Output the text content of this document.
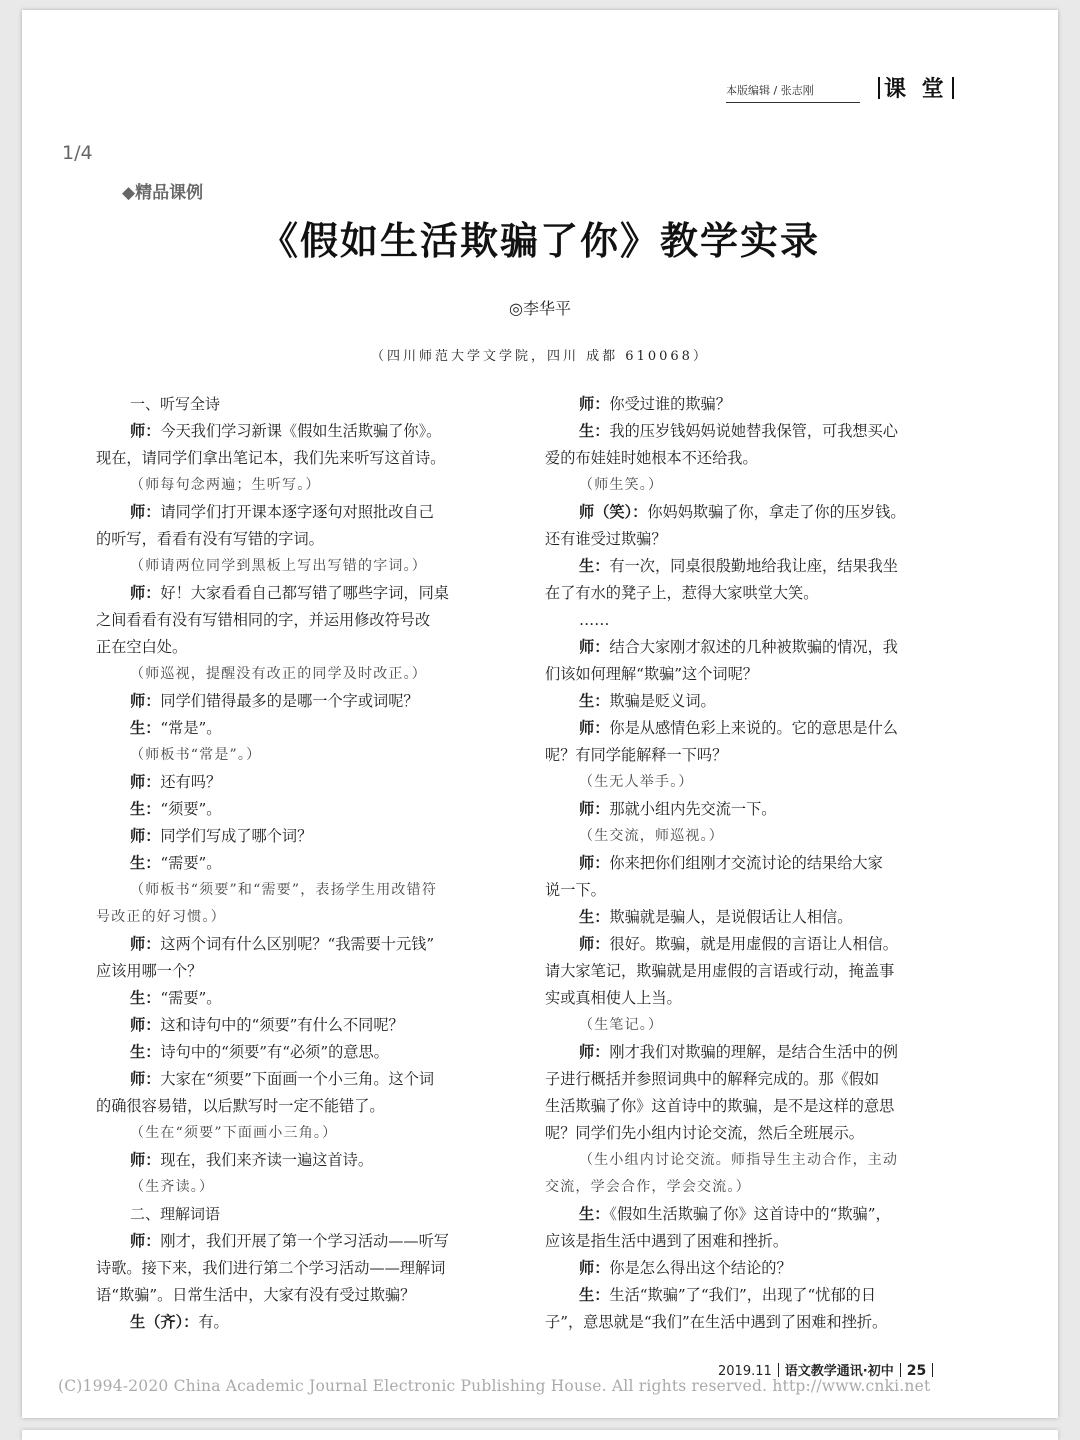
本版编辑 / 张志刚	课 堂
1/4
◆精品课例
《假如生活欺骗了你》教学实录
◎李华平
（四川师范大学文学院，四川 成都 610068）
一、听写全诗
师：今天我们学习新课《假如生活欺骗了你》。
现在，请同学们拿出笔记本，我们先来听写这首诗。
（师每句念两遍；生听写。）
师：请同学们打开课本逐字逐句对照批改自己
的听写，看看有没有写错的字词。
（师请两位同学到黑板上写出写错的字词。）
师：好！大家看看自己都写错了哪些字词，同桌
之间看看有没有写错相同的字，并运用修改符号改
正在空白处。
（师巡视，提醒没有改正的同学及时改正。）
师：同学们错得最多的是哪一个字或词呢？
生：“常是”。
（师板书“常是”。）
师：还有吗？
生：“须要”。
师：同学们写成了哪个词？
生：“需要”。
（师板书“须要”和“需要”，表扬学生用改错符
号改正的好习惯。）
师：这两个词有什么区别呢？“我需要十元钱”
应该用哪一个？
生：“需要”。
师：这和诗句中的“须要”有什么不同呢？
生：诗句中的“须要”有“必须”的意思。
师：大家在“须要”下面画一个小三角。这个词
的确很容易错，以后默写时一定不能错了。
（生在“须要”下面画小三角。）
师：现在，我们来齐读一遍这首诗。
（生齐读。）
二、理解词语
师：刚才，我们开展了第一个学习活动——听写
诗歌。接下来，我们进行第二个学习活动——理解词
语“欺骗”。日常生活中，大家有没有受过欺骗？
生（齐）：有。
师：你受过谁的欺骗？
生：我的压岁钱妈妈说她替我保管，可我想买心
爱的布娃娃时她根本不还给我。
（师生笑。）
师（笑）：你妈妈欺骗了你，拿走了你的压岁钱。
还有谁受过欺骗？
生：有一次，同桌很殷勤地给我让座，结果我坐
在了有水的凳子上，惹得大家哄堂大笑。
……
师：结合大家刚才叙述的几种被欺骗的情况，我
们该如何理解“欺骗”这个词呢？
生：欺骗是贬义词。
师：你是从感情色彩上来说的。它的意思是什么
呢？有同学能解释一下吗？
（生无人举手。）
师：那就小组内先交流一下。
（生交流，师巡视。）
师：你来把你们组刚才交流讨论的结果给大家
说一下。
生：欺骗就是骗人，是说假话让人相信。
师：很好。欺骗，就是用虚假的言语让人相信。
请大家笔记，欺骗就是用虚假的言语或行动，掩盖事
实或真相使人上当。
（生笔记。）
师：刚才我们对欺骗的理解，是结合生活中的例
子进行概括并参照词典中的解释完成的。那《假如
生活欺骗了你》这首诗中的欺骗，是不是这样的意思
呢？同学们先小组内讨论交流，然后全班展示。
（生小组内讨论交流。师指导生主动合作，主动
交流，学会合作，学会交流。）
生：《假如生活欺骗了你》这首诗中的“欺骗”，
应该是指生活中遇到了困难和挫折。
师：你是怎么得出这个结论的？
生：生活“欺骗”了“我们”，出现了“忧郁的日
子”，意思就是“我们”在生活中遇到了困难和挫折。
2019.11 语文教学通讯·初中 25
(C)1994-2020 China Academic Journal Electronic Publishing House. All rights reserved. http://www.cnki.net
